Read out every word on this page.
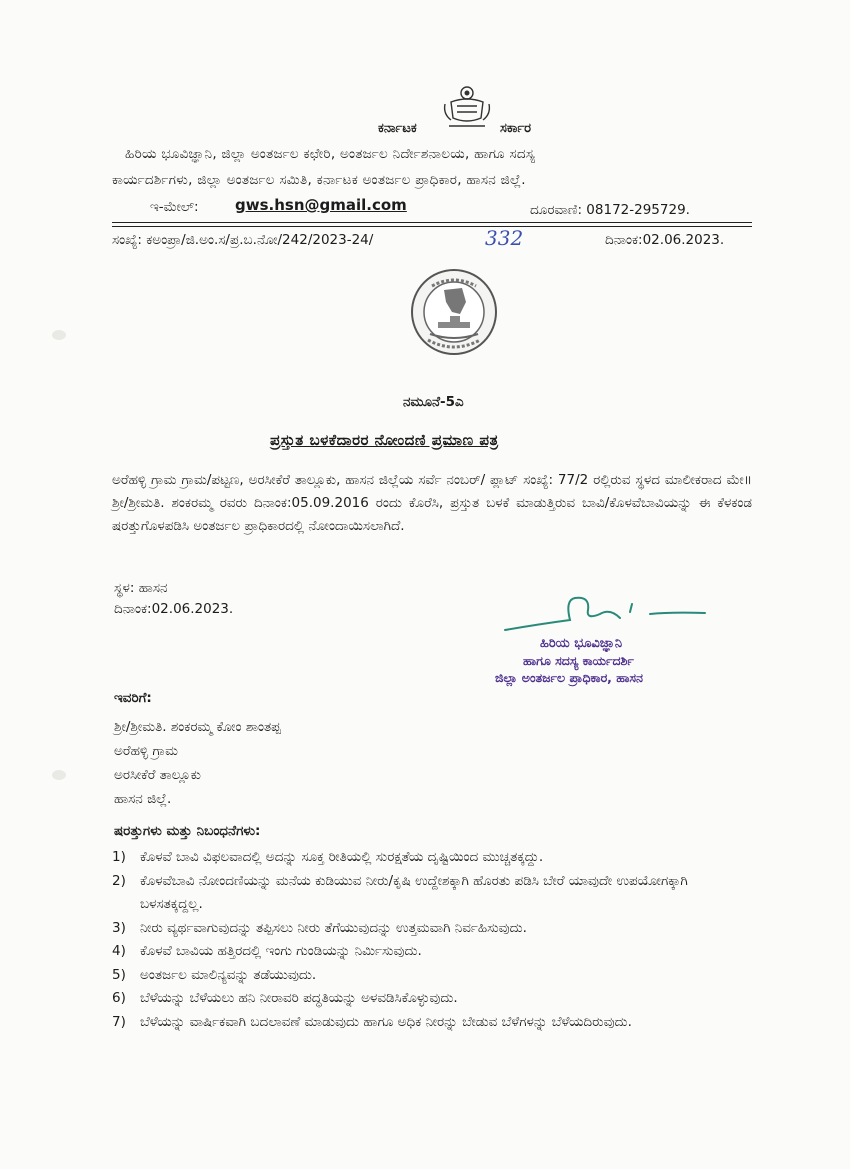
ಕರ್ನಾಟಕ	ಸರ್ಕಾರ
ಹಿರಿಯ ಭೂವಿಜ್ಞಾನಿ, ಜಿಲ್ಲಾ ಅಂತರ್ಜಲ ಕಛೇರಿ, ಅಂತರ್ಜಲ ನಿರ್ದೇಶನಾಲಯ, ಹಾಗೂ ಸದಸ್ಯ
ಕಾರ್ಯದರ್ಶಿಗಳು, ಜಿಲ್ಲಾ ಅಂತರ್ಜಲ ಸಮಿತಿ, ಕರ್ನಾಟಕ ಅಂತರ್ಜಲ ಪ್ರಾಧಿಕಾರ, ಹಾಸನ ಜಿಲ್ಲೆ.
ಇ-ಮೇಲ್: gws.hsn@gmail.com	ದೂರವಾಣಿ: 08172-295729.
ಸಂಖ್ಯೆ: ಕಅಂಪ್ರಾ/ಜಿ.ಅಂ.ಸ/ಪ್ರ.ಬ.ನೋ/242/2023-24/	332	ದಿನಾಂಕ:02.06.2023.
ನಮೂನೆ-5ಎ
ಪ್ರಸ್ತುತ ಬಳಕೆದಾರರ ನೋಂದಣಿ ಪ್ರಮಾಣ ಪತ್ರ
ಅರೆಹಳ್ಳಿ ಗ್ರಾಮ ಗ್ರಾಮ/ಪಟ್ಟಣ, ಅರಸೀಕೆರೆ ತಾಲ್ಲೂಕು, ಹಾಸನ ಜಿಲ್ಲೆಯ ಸರ್ವೆ ನಂಬರ್/ ಪ್ಲಾಟ್ ಸಂಖ್ಯೆ: 77/2 ರಲ್ಲಿರುವ ಸ್ಥಳದ ಮಾಲೀಕರಾದ ಮೇ॥ ಶ್ರೀ/ಶ್ರೀಮತಿ. ಶಂಕರಮ್ಮ ರವರು ದಿನಾಂಕ:05.09.2016 ರಂದು ಕೊರೆಸಿ, ಪ್ರಸ್ತುತ ಬಳಕೆ ಮಾಡುತ್ತಿರುವ ಬಾವಿ/ಕೊಳವೆಬಾವಿಯನ್ನು ಈ ಕೆಳಕಂಡ ಷರತ್ತುಗೊಳಪಡಿಸಿ ಅಂತರ್ಜಲ ಪ್ರಾಧಿಕಾರದಲ್ಲಿ ನೋಂದಾಯಿಸಲಾಗಿದೆ.
ಸ್ಥಳ: ಹಾಸನ
ದಿನಾಂಕ:02.06.2023.
ಹಿರಿಯ ಭೂವಿಜ್ಞಾನಿ
ಹಾಗೂ ಸದಸ್ಯ ಕಾರ್ಯದರ್ಶಿ
ಜಿಲ್ಲಾ ಅಂತರ್ಜಲ ಪ್ರಾಧಿಕಾರ, ಹಾಸನ
ಇವರಿಗೆ:
ಶ್ರೀ/ಶ್ರೀಮತಿ. ಶಂಕರಮ್ಮ ಕೋಂ ಶಾಂತಪ್ಪ
ಅರೆಹಳ್ಳಿ ಗ್ರಾಮ
ಅರಸೀಕೆರೆ ತಾಲ್ಲೂಕು
ಹಾಸನ ಜಿಲ್ಲೆ.
ಷರತ್ತುಗಳು ಮತ್ತು ನಿಬಂಧನೆಗಳು:
1)	ಕೊಳವೆ ಬಾವಿ ವಿಫಲವಾದಲ್ಲಿ ಅದನ್ನು ಸೂಕ್ತ ರೀತಿಯಲ್ಲಿ ಸುರಕ್ಷತೆಯ ದೃಷ್ಟಿಯಿಂದ ಮುಚ್ಚತಕ್ಕದ್ದು.
2)	ಕೊಳವೆಬಾವಿ ನೋಂದಣಿಯನ್ನು ಮನೆಯ ಕುಡಿಯುವ ನೀರು/ಕೃಷಿ ಉದ್ದೇಶಕ್ಕಾಗಿ ಹೊರತು ಪಡಿಸಿ ಬೇರೆ ಯಾವುದೇ ಉಪಯೋಗಕ್ಕಾಗಿ ಬಳಸತಕ್ಕದ್ದಲ್ಲ.
3)	ನೀರು ವ್ಯರ್ಥವಾಗುವುದನ್ನು ತಪ್ಪಿಸಲು ನೀರು ತೆಗೆಯುವುದನ್ನು ಉತ್ತಮವಾಗಿ ನಿರ್ವಹಿಸುವುದು.
4)	ಕೊಳವೆ ಬಾವಿಯ ಹತ್ತಿರದಲ್ಲಿ ಇಂಗು ಗುಂಡಿಯನ್ನು ನಿರ್ಮಿಸುವುದು.
5)	ಅಂತರ್ಜಲ ಮಾಲಿನ್ಯವನ್ನು ತಡೆಯುವುದು.
6)	ಬೆಳೆಯನ್ನು ಬೆಳೆಯಲು ಹನಿ ನೀರಾವರಿ ಪದ್ಧತಿಯನ್ನು ಅಳವಡಿಸಿಕೊಳ್ಳುವುದು.
7)	ಬೆಳೆಯನ್ನು ವಾರ್ಷಿಕವಾಗಿ ಬದಲಾವಣೆ ಮಾಡುವುದು ಹಾಗೂ ಅಧಿಕ ನೀರನ್ನು ಬೇಡುವ ಬೆಳೆಗಳನ್ನು ಬೆಳೆಯದಿರುವುದು.
